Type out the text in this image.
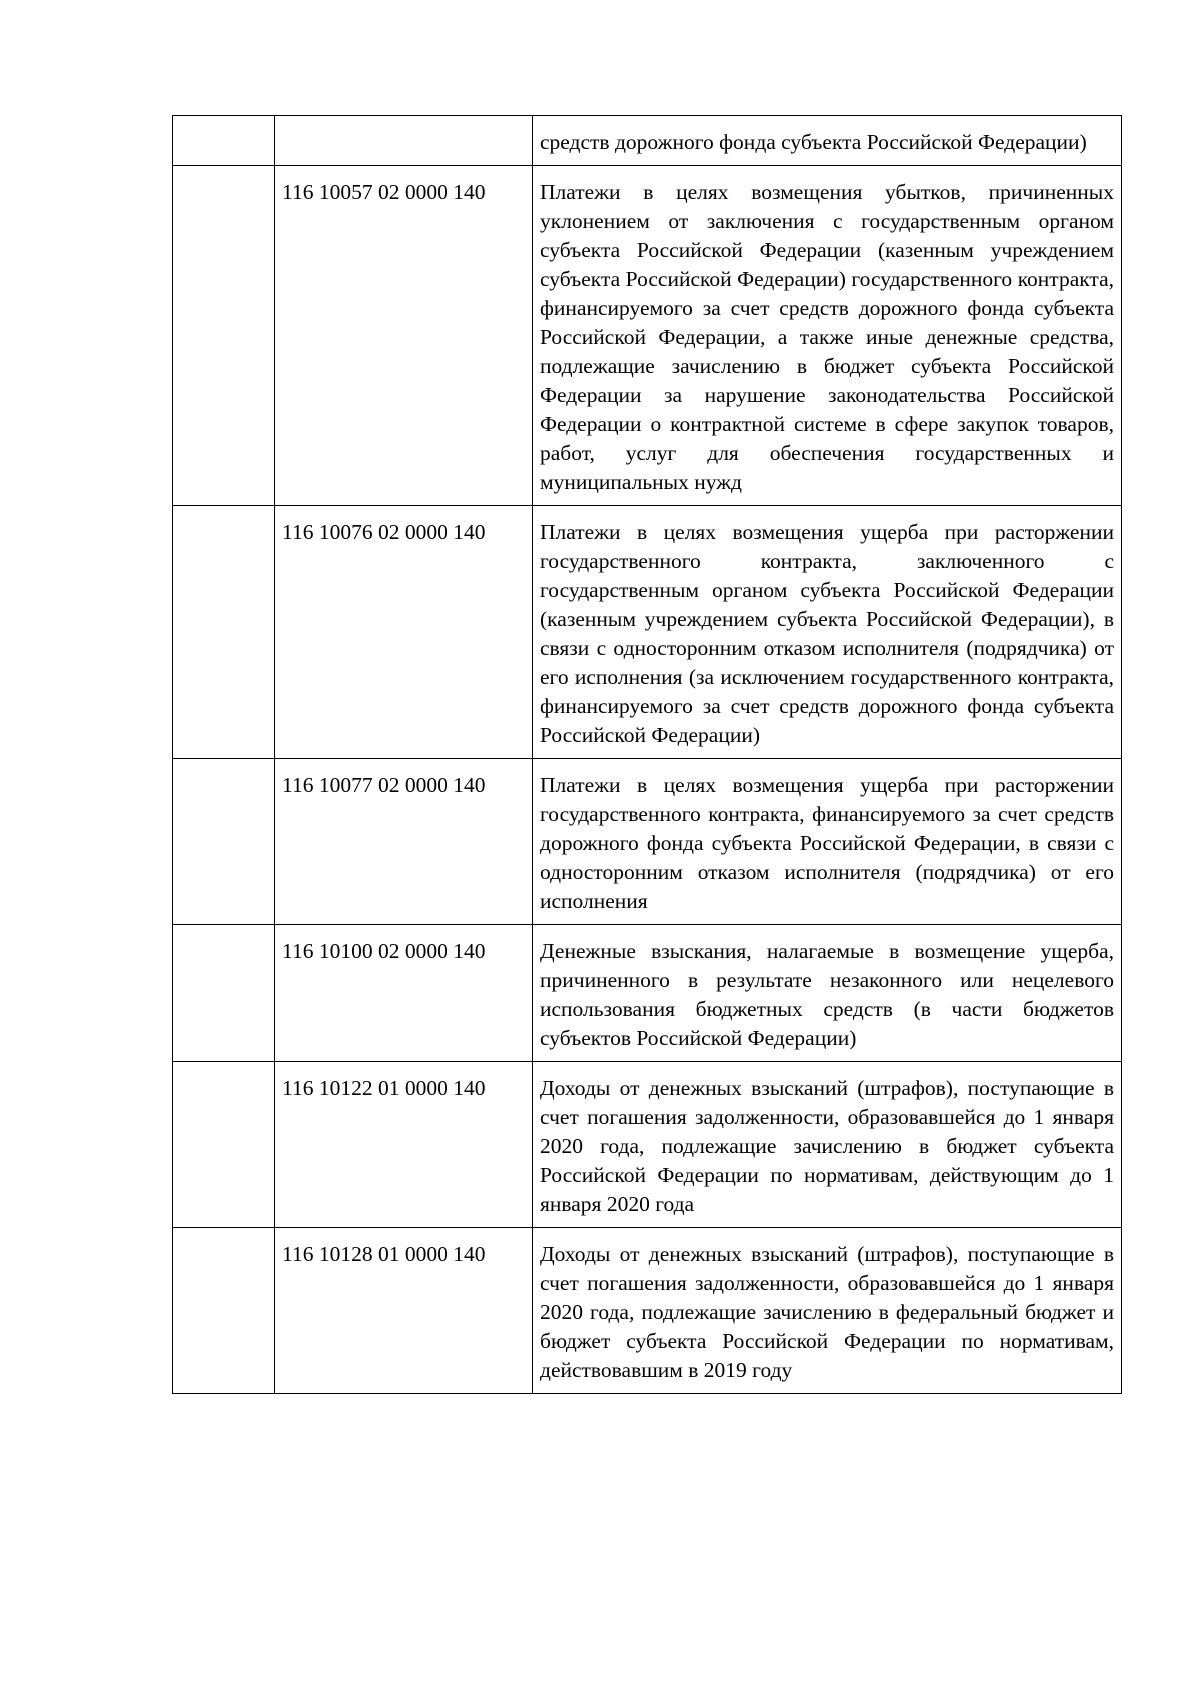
		средств дорожного фонда субъекта Российской Федерации)
	116 10057 02 0000 140	Платежи в целях возмещения убытков, причиненных уклонением от заключения с государственным органом субъекта Российской Федерации (казенным учреждением субъекта Российской Федерации) государственного контракта, финансируемого за счет средств дорожного фонда субъекта Российской Федерации, а также иные денежные средства, подлежащие зачислению в бюджет субъекта Российской Федерации за нарушение законодательства Российской Федерации о контрактной системе в сфере закупок товаров, работ, услуг для обеспечения государственных и муниципальных нужд
	116 10076 02 0000 140	Платежи в целях возмещения ущерба при расторжении государственного контракта, заключенного с государственным органом субъекта Российской Федерации (казенным учреждением субъекта Российской Федерации), в связи с односторонним отказом исполнителя (подрядчика) от его исполнения (за исключением государственного контракта, финансируемого за счет средств дорожного фонда субъекта Российской Федерации)
	116 10077 02 0000 140	Платежи в целях возмещения ущерба при расторжении государственного контракта, финансируемого за счет средств дорожного фонда субъекта Российской Федерации, в связи с односторонним отказом исполнителя (подрядчика) от его исполнения
	116 10100 02 0000 140	Денежные взыскания, налагаемые в возмещение ущерба, причиненного в результате незаконного или нецелевого использования бюджетных средств (в части бюджетов субъектов Российской Федерации)
	116 10122 01 0000 140	Доходы от денежных взысканий (штрафов), поступающие в счет погашения задолженности, образовавшейся до 1 января 2020 года, подлежащие зачислению в бюджет субъекта Российской Федерации по нормативам, действующим до 1 января 2020 года
	116 10128 01 0000 140	Доходы от денежных взысканий (штрафов), поступающие в счет погашения задолженности, образовавшейся до 1 января 2020 года, подлежащие зачислению в федеральный бюджет и бюджет субъекта Российской Федерации по нормативам, действовавшим в 2019 году
